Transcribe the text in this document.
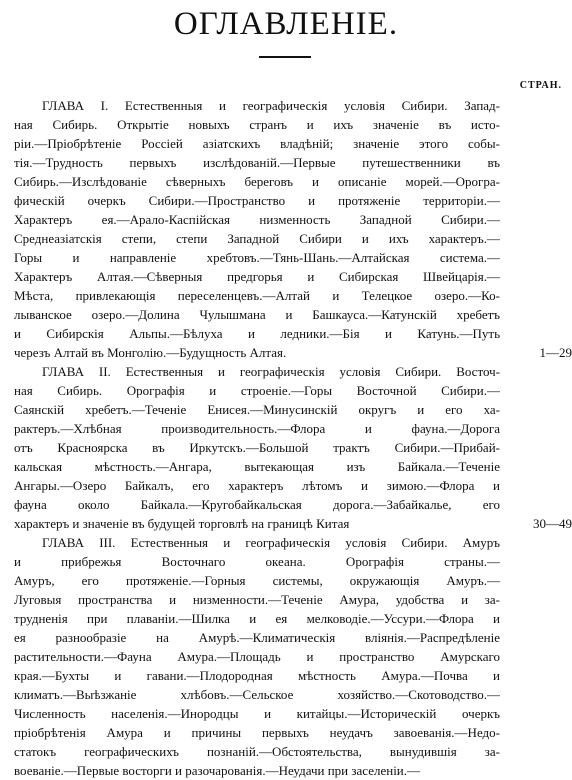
ОГЛАВЛЕНІЕ.
СТРАН.
ГЛАВА I. Естественныя и географическія условія Сибири. Запад-
ная Сибирь. Открытіе новыхъ странъ и ихъ значеніе въ исто-
ріи.—Пріобрѣтеніе Россіей азіатскихъ владѣній; значеніе этого собы-
тія.—Трудность первыхъ изслѣдованій.—Первые путешественники въ
Сибирь.—Изслѣдованіе сѣверныхъ береговъ и описаніе морей.—Орогра-
фическій очеркъ Сибири.—Пространство и протяженіе территоріи.—
Характеръ ея.—Арало-Каспійская низменность Западной Сибири.—
Среднеазіатскія степи, степи Западной Сибири и ихъ характеръ.—
Горы и направленіе хребтовъ.—Тянь-Шань.—Алтайская система.—
Характеръ Алтая.—Сѣверныя предгорья и Сибирская Швейцарія.—
Мѣста, привлекающія переселенцевъ.—Алтай и Телецкое озеро.—Ко-
лыванское озеро.—Долина Чулышмана и Башкауса.—Катунскій хребетъ
и Сибирскія Альпы.—Бѣлуха и ледники.—Бія и Катунь.—Путь
черезъ Алтай въ Монголію.—Будущность Алтая.	1—29
ГЛАВА II. Естественныя и географическія условія Сибири. Восточ-
ная Сибирь. Орографія и строеніе.—Горы Восточной Сибири.—
Саянскій хребетъ.—Теченіе Енисея.—Минусинскій округъ и его ха-
рактеръ.—Хлѣбная производительность.—Флора и фауна.—Дорога
отъ Красноярска въ Иркутскъ.—Большой трактъ Сибири.—Прибай-
кальская мѣстность.—Ангара, вытекающая изъ Байкала.—Теченіе
Ангары.—Озеро Байкалъ, его характеръ лѣтомъ и зимою.—Флора и
фауна около Байкала.—Кругобайкальская дорога.—Забайкалье, его
характеръ и значеніе въ будущей торговлѣ на границѣ Китая	30—49
ГЛАВА III. Естественныя и географическія условія Сибири. Амуръ
и прибрежья Восточнаго океана. Орографія страны.—
Амуръ, его протяженіе.—Горныя системы, окружающія Амуръ.—
Луговыя пространства и низменности.—Теченіе Амура, удобства и за-
трудненія при плаваніи.—Шилка и ея мелководіе.—Уссури.—Флора и
ея разнообразіе на Амурѣ.—Климатическія вліянія.—Распредѣленіе
растительности.—Фауна Амура.—Площадь и пространство Амурскаго
края.—Бухты и гавани.—Плодородная мѣстность Амура.—Почва и
климатъ.—Выѣзжаніе хлѣбовъ.—Сельское хозяйство.—Скотоводство.—
Численность населенія.—Инородцы и китайцы.—Историческій очеркъ
пріобрѣтенія Амура и причины первыхъ неудачъ завоеванія.—Недо-
статокъ географическихъ познаній.—Обстоятельства, вынудившія за-
воеваніе.—Первые восторги и разочарованія.—Неудачи при заселеніи.—
